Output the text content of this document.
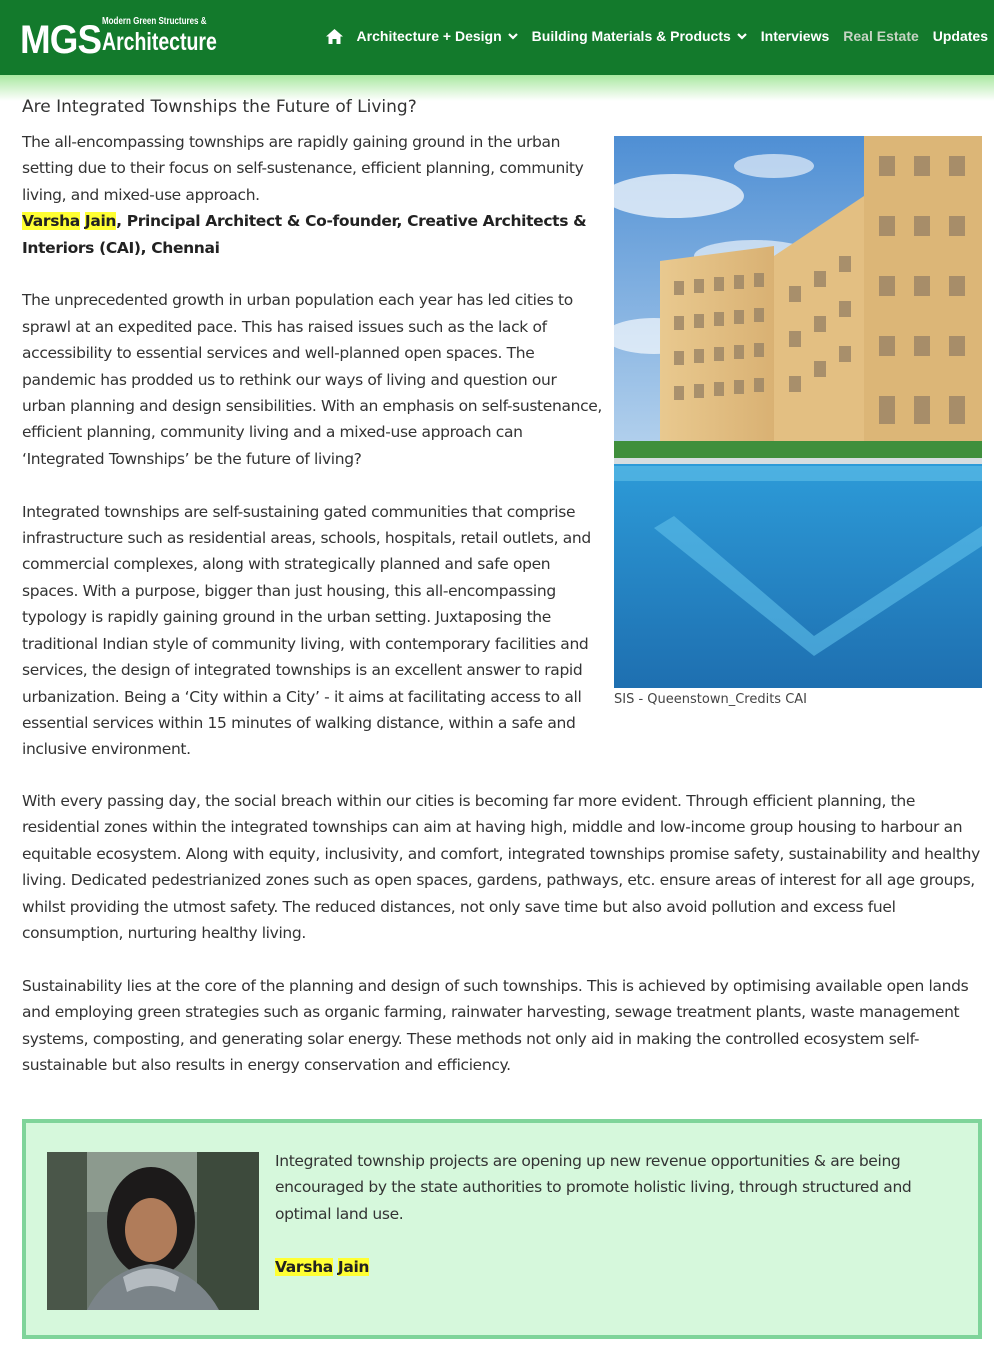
MGS Modern Green Structures &
Architecture	Architecture + Design Building Materials & Products Interviews Real Estate Updates
Are Integrated Townships the Future of Living?

The all-encompassing townships are rapidly gaining ground in the urban setting due to their focus on self-sustenance, efficient planning, community living, and mixed-use approach.

Varsha Jain, Principal Architect & Co-founder, Creative Architects & Interiors (CAI), Chennai

The unprecedented growth in urban population each year has led cities to sprawl at an expedited pace. This has raised issues such as the lack of accessibility to essential services and well-planned open spaces. The pandemic has prodded us to rethink our ways of living and question our urban planning and design sensibilities. With an emphasis on self-sustenance, efficient planning, community living and a mixed-use approach can ‘Integrated Townships’ be the future of living?

Integrated townships are self-sustaining gated communities that comprise infrastructure such as residential areas, schools, hospitals, retail outlets, and commercial complexes, along with strategically planned and safe open spaces. With a purpose, bigger than just housing, this all-encompassing typology is rapidly gaining ground in the urban setting. Juxtaposing the traditional Indian style of community living, with contemporary facilities and services, the design of integrated townships is an excellent answer to rapid urbanization. Being a ‘City within a City’ - it aims at facilitating access to all essential services within 15 minutes of walking distance, within a safe and inclusive environment.

SIS - Queenstown_Credits CAI

With every passing day, the social breach within our cities is becoming far more evident. Through efficient planning, the residential zones within the integrated townships can aim at having high, middle and low-income group housing to harbour an equitable ecosystem. Along with equity, inclusivity, and comfort, integrated townships promise safety, sustainability and healthy living. Dedicated pedestrianized zones such as open spaces, gardens, pathways, etc. ensure areas of interest for all age groups, whilst providing the utmost safety. The reduced distances, not only save time but also avoid pollution and excess fuel consumption, nurturing healthy living.

Sustainability lies at the core of the planning and design of such townships. This is achieved by optimising available open lands and employing green strategies such as organic farming, rainwater harvesting, sewage treatment plants, waste management systems, composting, and generating solar energy. These methods not only aid in making the controlled ecosystem self-sustainable but also results in energy conservation and efficiency.

Integrated township projects are opening up new revenue opportunities & are being encouraged by the state authorities to promote holistic living, through structured and optimal land use.

Varsha Jain
